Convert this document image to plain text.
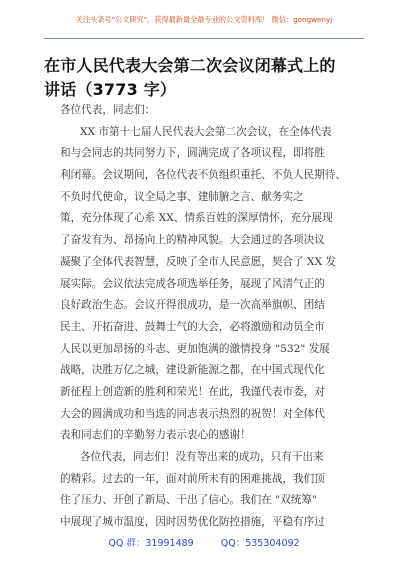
关注头条号"公文研究"，获得最新最全最专业的公文资料库！ 微信：gongwenyj
在市人民代表大会第二次会议闭幕式上的
讲话（3773 字）
各位代表，同志们：
XX 市第十七届人民代表大会第二次会议，在全体代表
和与会同志的共同努力下，圆满完成了各项议程，即将胜
利闭幕。会议期间，各位代表不负组织重托、不负人民期待、
不负时代使命，议全局之事、建肺腑之言、献务实之
策，充分体现了心系 XX、情系百姓的深厚情怀，充分展现
了奋发有为、昂扬向上的精神风貌。大会通过的各项决议
凝聚了全体代表智慧，反映了全市人民意愿，契合了 XX 发
展实际。会议依法完成各项选举任务，展现了风清气正的
良好政治生态。会议开得很成功，是一次高举旗帜、团结
民主、开拓奋进、鼓舞士气的大会，必将激励和动员全市
人民以更加昂扬的斗志、更加饱满的激情投身 "532" 发展
战略，决胜万亿之城，建设新能源之都，在中国式现代化
新征程上创造新的胜利和荣光！在此，我谨代表市委，对
大会的圆满成功和当选的同志表示热烈的祝贺！对全体代
表和同志们的辛勤努力表示衷心的感谢！
各位代表，同志们！没有等出来的成功，只有干出来
的精彩。过去的一年，面对前所未有的困难挑战，我们顶
住了压力、开创了新局、干出了信心。我们在 "双统筹"
中展现了城市温度，因时因势优化防控措施，平稳有序过
QQ 群：31991489	QQ：535304092
